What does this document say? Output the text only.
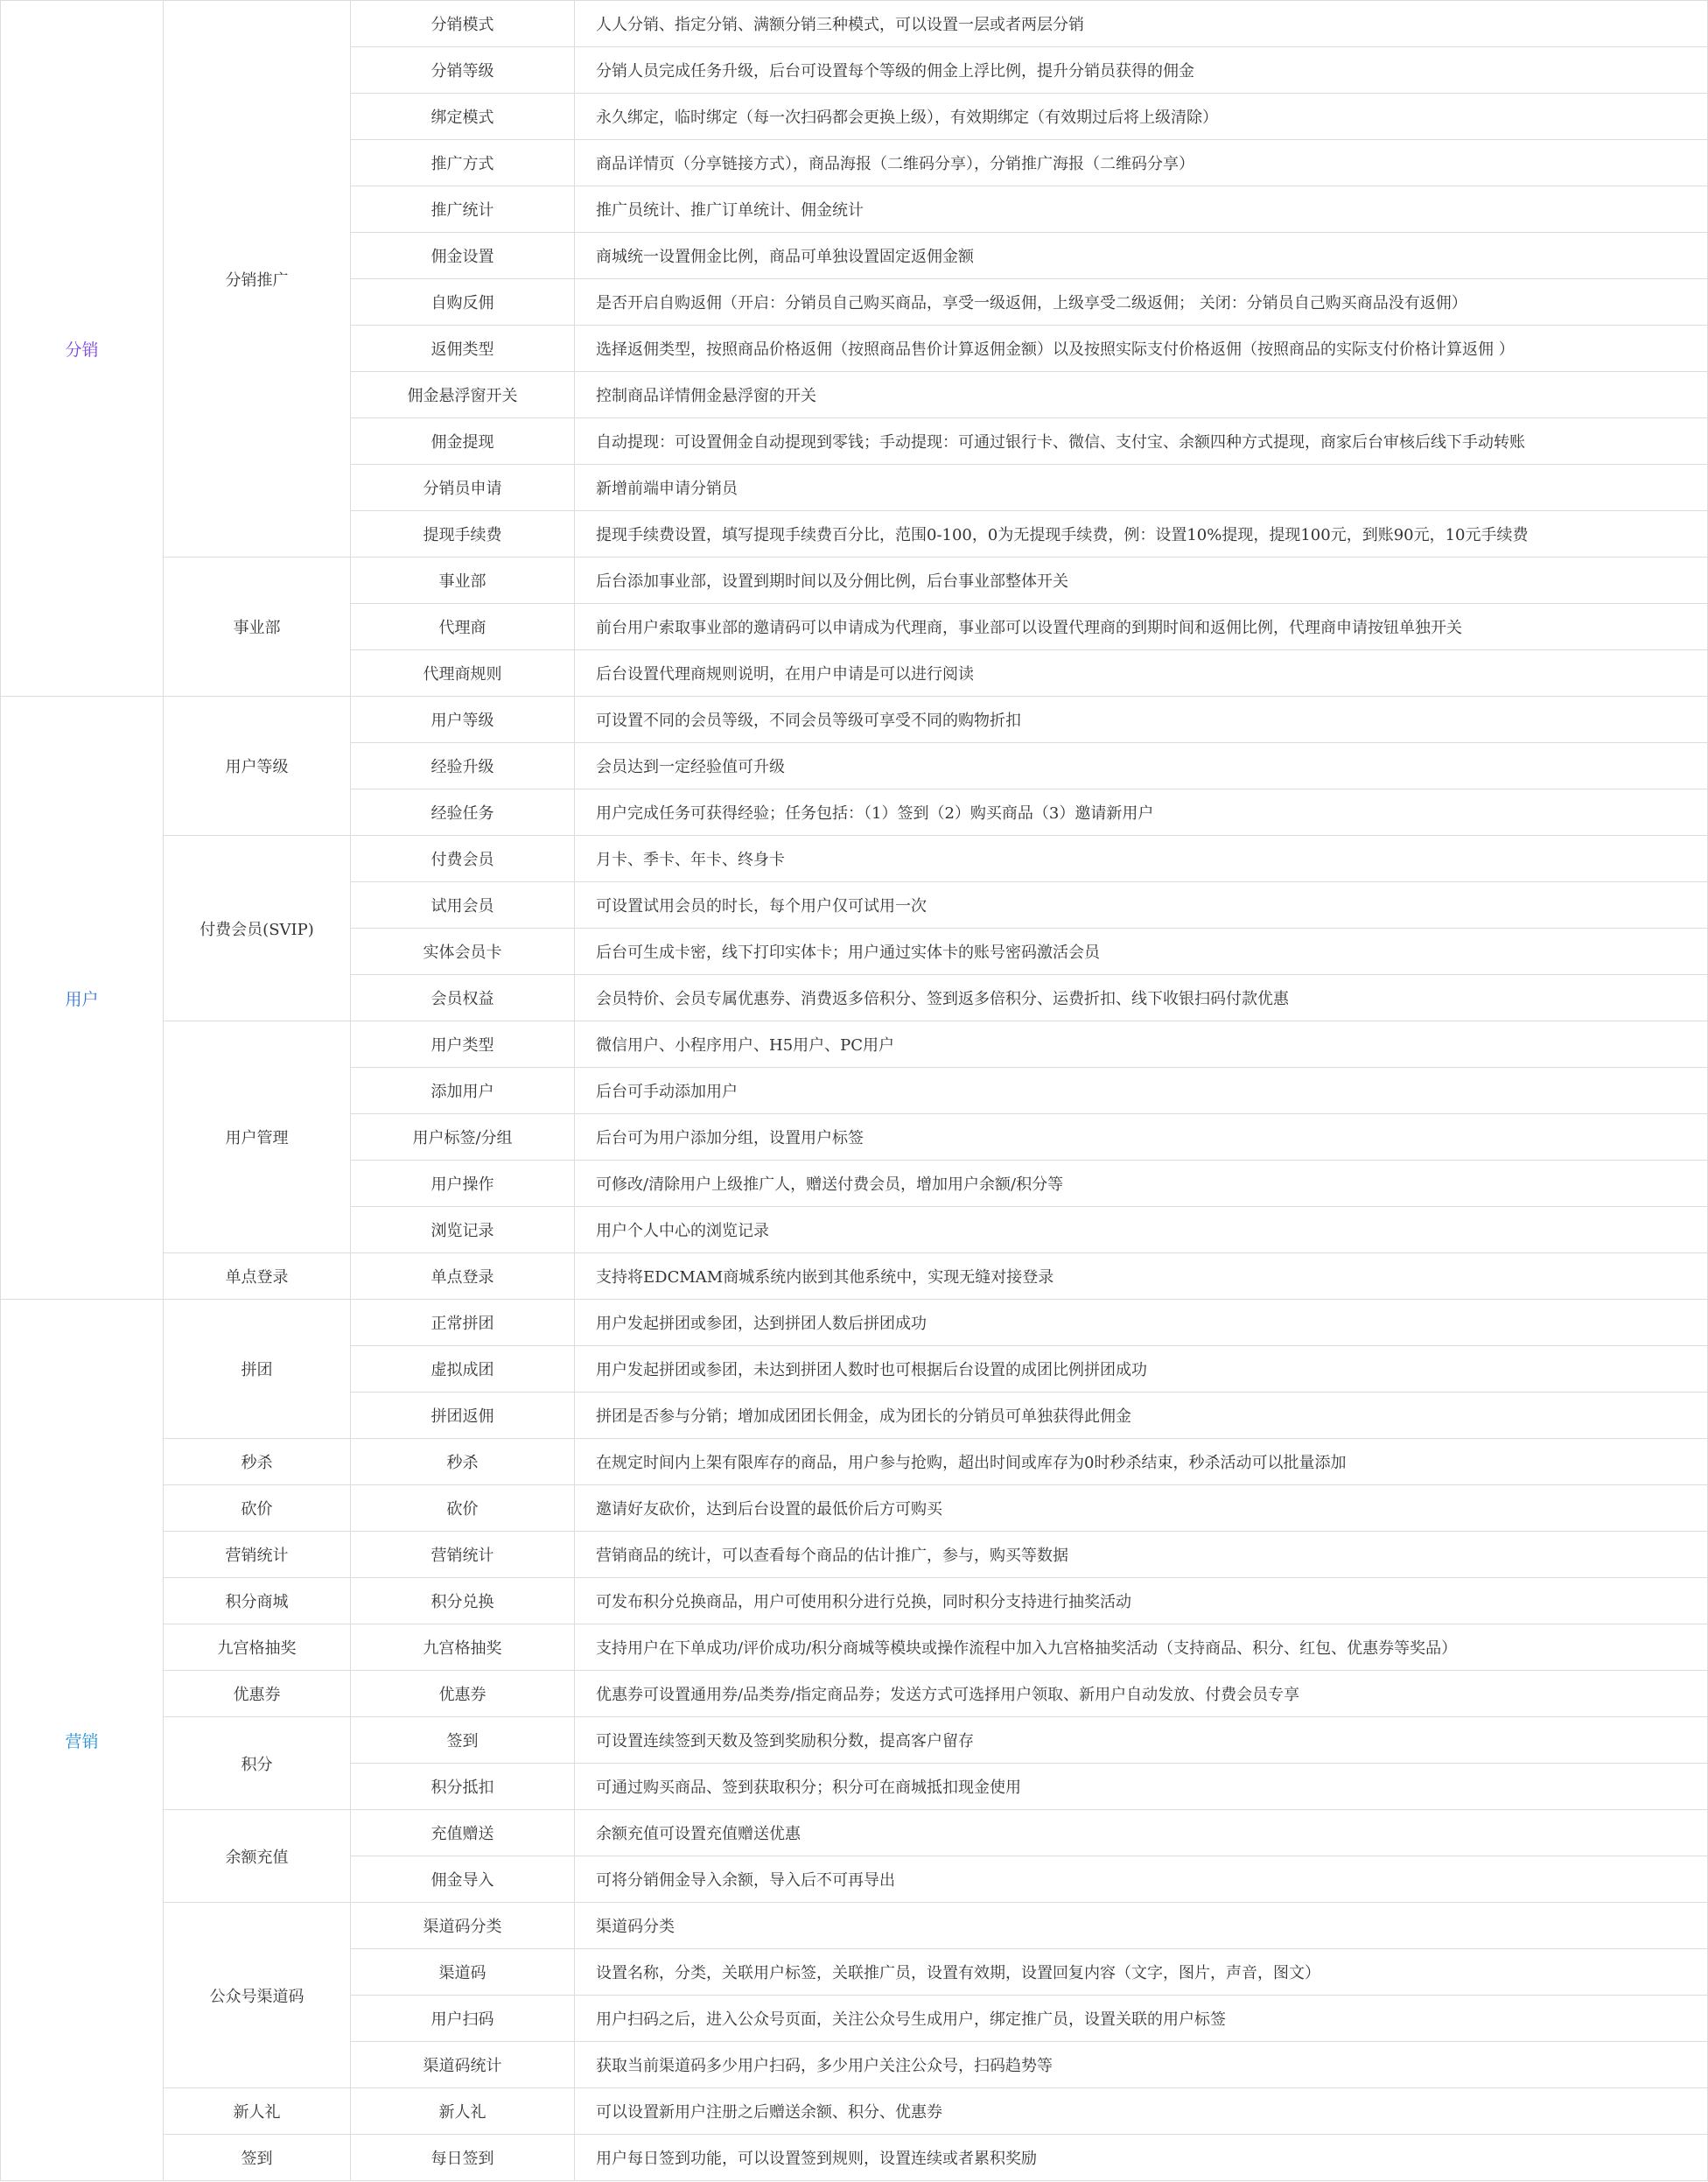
分销	分销推广	分销模式	人人分销、指定分销、满额分销三种模式，可以设置一层或者两层分销
		分销等级	分销人员完成任务升级，后台可设置每个等级的佣金上浮比例，提升分销员获得的佣金
		绑定模式	永久绑定，临时绑定（每一次扫码都会更换上级），有效期绑定（有效期过后将上级清除）
		推广方式	商品详情页（分享链接方式），商品海报（二维码分享），分销推广海报（二维码分享）
		推广统计	推广员统计、推广订单统计、佣金统计
		佣金设置	商城统一设置佣金比例，商品可单独设置固定返佣金额
		自购反佣	是否开启自购返佣（开启：分销员自己购买商品，享受一级返佣，上级享受二级返佣； 关闭：分销员自己购买商品没有返佣）
		返佣类型	选择返佣类型，按照商品价格返佣（按照商品售价计算返佣金额）以及按照实际支付价格返佣（按照商品的实际支付价格计算返佣 ）
		佣金悬浮窗开关	控制商品详情佣金悬浮窗的开关
		佣金提现	自动提现：可设置佣金自动提现到零钱；手动提现：可通过银行卡、微信、支付宝、余额四种方式提现，商家后台审核后线下手动转账
		分销员申请	新增前端申请分销员
		提现手续费	提现手续费设置，填写提现手续费百分比，范围0-100，0为无提现手续费，例：设置10%提现，提现100元，到账90元，10元手续费
	事业部	事业部	后台添加事业部，设置到期时间以及分佣比例，后台事业部整体开关
		代理商	前台用户索取事业部的邀请码可以申请成为代理商，事业部可以设置代理商的到期时间和返佣比例，代理商申请按钮单独开关
		代理商规则	后台设置代理商规则说明，在用户申请是可以进行阅读
用户	用户等级	用户等级	可设置不同的会员等级，不同会员等级可享受不同的购物折扣
		经验升级	会员达到一定经验值可升级
		经验任务	用户完成任务可获得经验；任务包括：（1）签到（2）购买商品（3）邀请新用户
	付费会员(SVIP)	付费会员	月卡、季卡、年卡、终身卡
		试用会员	可设置试用会员的时长，每个用户仅可试用一次
		实体会员卡	后台可生成卡密，线下打印实体卡；用户通过实体卡的账号密码激活会员
		会员权益	会员特价、会员专属优惠券、消费返多倍积分、签到返多倍积分、运费折扣、线下收银扫码付款优惠
	用户管理	用户类型	微信用户、小程序用户、H5用户、PC用户
		添加用户	后台可手动添加用户
		用户标签/分组	后台可为用户添加分组，设置用户标签
		用户操作	可修改/清除用户上级推广人，赠送付费会员，增加用户余额/积分等
		浏览记录	用户个人中心的浏览记录
	单点登录	单点登录	支持将EDCMAM商城系统内嵌到其他系统中，实现无缝对接登录
营销	拼团	正常拼团	用户发起拼团或参团，达到拼团人数后拼团成功
		虚拟成团	用户发起拼团或参团，未达到拼团人数时也可根据后台设置的成团比例拼团成功
		拼团返佣	拼团是否参与分销；增加成团团长佣金，成为团长的分销员可单独获得此佣金
	秒杀	秒杀	在规定时间内上架有限库存的商品，用户参与抢购，超出时间或库存为0时秒杀结束，秒杀活动可以批量添加
	砍价	砍价	邀请好友砍价，达到后台设置的最低价后方可购买
	营销统计	营销统计	营销商品的统计，可以查看每个商品的估计推广，参与，购买等数据
	积分商城	积分兑换	可发布积分兑换商品，用户可使用积分进行兑换，同时积分支持进行抽奖活动
	九宫格抽奖	九宫格抽奖	支持用户在下单成功/评价成功/积分商城等模块或操作流程中加入九宫格抽奖活动（支持商品、积分、红包、优惠券等奖品）
	优惠券	优惠券	优惠券可设置通用券/品类券/指定商品券；发送方式可选择用户领取、新用户自动发放、付费会员专享
	积分	签到	可设置连续签到天数及签到奖励积分数，提高客户留存
		积分抵扣	可通过购买商品、签到获取积分；积分可在商城抵扣现金使用
	余额充值	充值赠送	余额充值可设置充值赠送优惠
		佣金导入	可将分销佣金导入余额，导入后不可再导出
	公众号渠道码	渠道码分类	渠道码分类
		渠道码	设置名称，分类，关联用户标签，关联推广员，设置有效期，设置回复内容（文字，图片，声音，图文）
		用户扫码	用户扫码之后，进入公众号页面，关注公众号生成用户，绑定推广员，设置关联的用户标签
		渠道码统计	获取当前渠道码多少用户扫码，多少用户关注公众号，扫码趋势等
	新人礼	新人礼	可以设置新用户注册之后赠送余额、积分、优惠券
	签到	每日签到	用户每日签到功能，可以设置签到规则，设置连续或者累积奖励
